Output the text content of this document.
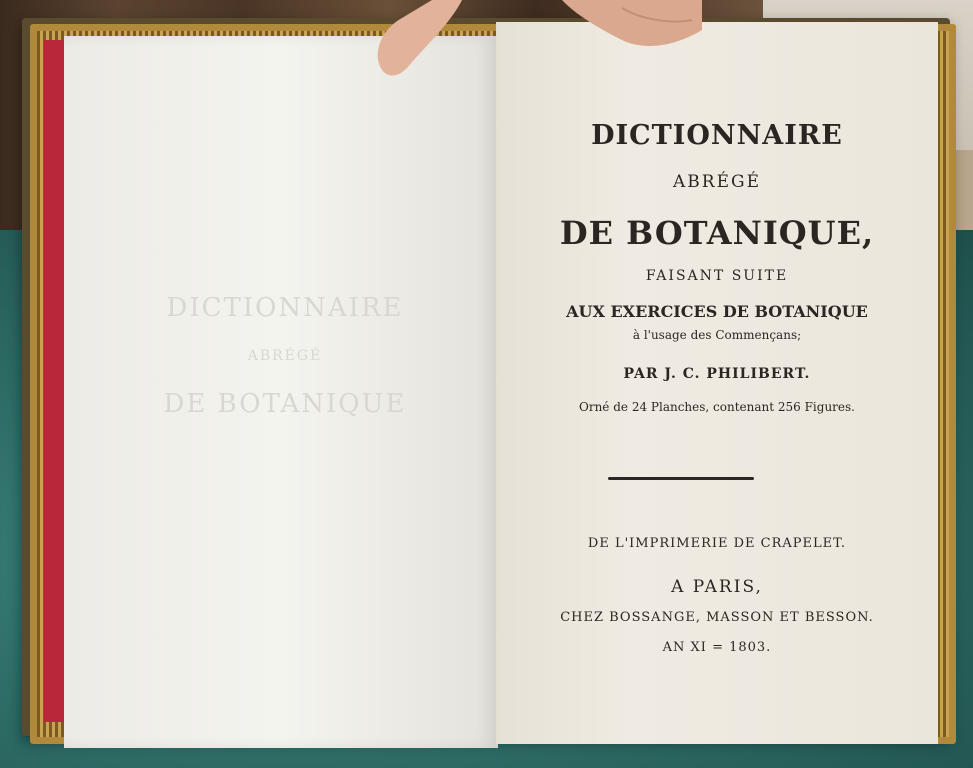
DICTIONNAIRE
ABRÉGÉ
DE BOTANIQUE
DICTIONNAIRE
ABRÉGÉ
DE BOTANIQUE,
FAISANT SUITE
AUX EXERCICES DE BOTANIQUE
à l'usage des Commençans;
PAR J. C. PHILIBERT.
Orné de 24 Planches, contenant 256 Figures.
DE L'IMPRIMERIE DE CRAPELET.
A PARIS,
CHEZ BOSSANGE, MASSON ET BESSON.
AN XI = 1803.
